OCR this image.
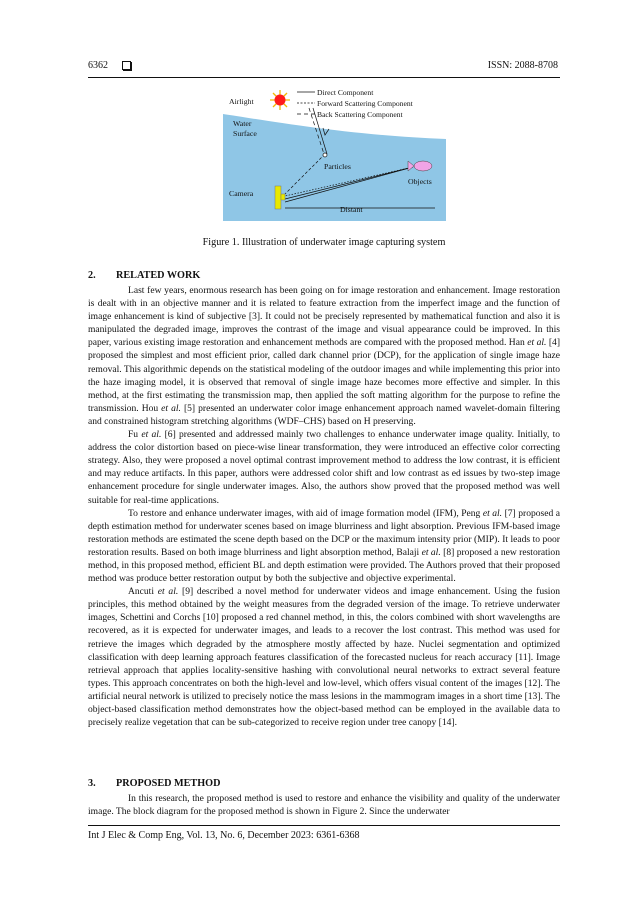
6362	ISSN: 2088-8708
Direct Component
Forward Scattering Component
Back Scattering Component
Airlight
Water
Surface
Particles
Objects
Camera
Distant
Figure 1. Illustration of underwater image capturing system
2. RELATED WORK

Last few years, enormous research has been going on for image restoration and enhancement. Image restoration is dealt with in an objective manner and it is related to feature extraction from the imperfect image and the function of image enhancement is kind of subjective [3]. It could not be precisely represented by mathematical function and also it is manipulated the degraded image, improves the contrast of the image and visual appearance could be improved. In this paper, various existing image restoration and enhancement methods are compared with the proposed method. Han et al. [4] proposed the simplest and most efficient prior, called dark channel prior (DCP), for the application of single image haze removal. This algorithmic depends on the statistical modeling of the outdoor images and while implementing this prior into the haze imaging model, it is observed that removal of single image haze becomes more effective and simpler. In this method, at the first estimating the transmission map, then applied the soft matting algorithm for the purpose to refine the transmission. Hou et al. [5] presented an underwater color image enhancement approach named wavelet-domain filtering and constrained histogram stretching algorithms (WDF–CHS) based on H preserving.

Fu et al. [6] presented and addressed mainly two challenges to enhance underwater image quality. Initially, to address the color distortion based on piece-wise linear transformation, they were introduced an effective color correcting strategy. Also, they were proposed a novel optimal contrast improvement method to address the low contrast, it is efficient and may reduce artifacts. In this paper, authors were addressed color shift and low contrast as ed issues by two-step image enhancement procedure for single underwater images. Also, the authors show proved that the proposed method was well suitable for real-time applications.

To restore and enhance underwater images, with aid of image formation model (IFM), Peng et al. [7] proposed a depth estimation method for underwater scenes based on image blurriness and light absorption. Previous IFM-based image restoration methods are estimated the scene depth based on the DCP or the maximum intensity prior (MIP). It leads to poor restoration results. Based on both image blurriness and light absorption method, Balaji et al. [8] proposed a new restoration method, in this proposed method, efficient BL and depth estimation were provided. The Authors proved that their proposed method was produce better restoration output by both the subjective and objective experimental.

Ancuti et al. [9] described a novel method for underwater videos and image enhancement. Using the fusion principles, this method obtained by the weight measures from the degraded version of the image. To retrieve underwater images, Schettini and Corchs [10] proposed a red channel method, in this, the colors combined with short wavelengths are recovered, as it is expected for underwater images, and leads to a recover the lost contrast. This method was used for retrieve the images which degraded by the atmosphere mostly affected by haze. Nuclei segmentation and optimized classification with deep learning approach features classification of the forecasted nucleus for reach accuracy [11]. Image retrieval approach that applies locality-sensitive hashing with convolutional neural networks to extract several feature types. This approach concentrates on both the high-level and low-level, which offers visual content of the images [12]. The artificial neural network is utilized to precisely notice the mass lesions in the mammogram images in a short time [13]. The object-based classification method demonstrates how the object-based method can be employed in the available data to precisely realize vegetation that can be sub-categorized to receive region under tree canopy [14].

3. PROPOSED METHOD

In this research, the proposed method is used to restore and enhance the visibility and quality of the underwater image. The block diagram for the proposed method is shown in Figure 2. Since the underwater

Int J Elec & Comp Eng, Vol. 13, No. 6, December 2023: 6361-6368
